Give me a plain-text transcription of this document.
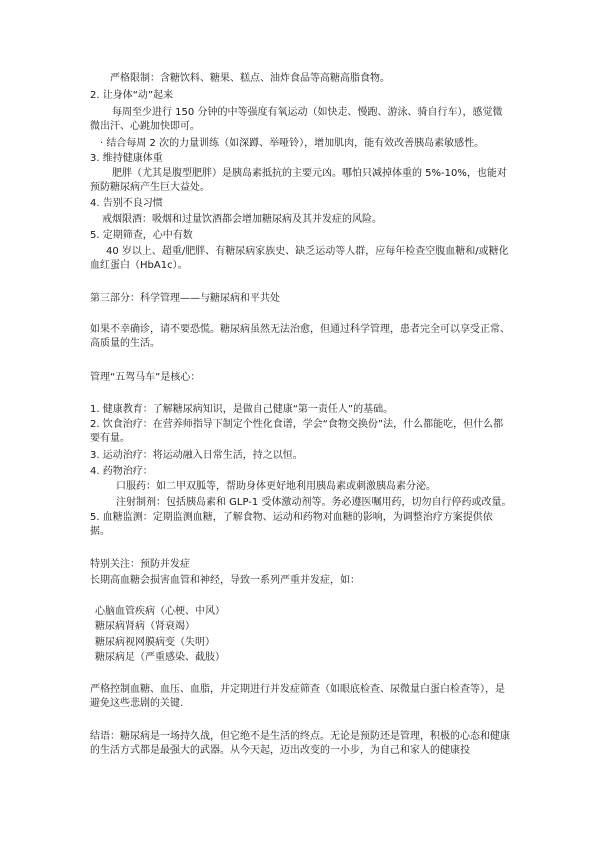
严格限制：含糖饮料、糖果、糕点、油炸食品等高糖高脂食物。
2. 让身体“动”起来
每周至少进行 150 分钟的中等强度有氧运动（如快走、慢跑、游泳、骑自行车），感觉微微出汗、心跳加快即可。
· 结合每周 2 次的力量训练（如深蹲、举哑铃），增加肌肉，能有效改善胰岛素敏感性。
3. 维持健康体重
肥胖（尤其是腹型肥胖）是胰岛素抵抗的主要元凶。哪怕只减掉体重的 5%-10%，也能对预防糖尿病产生巨大益处。
4. 告别不良习惯
戒烟限酒：吸烟和过量饮酒都会增加糖尿病及其并发症的风险。
5. 定期筛查，心中有数
40 岁以上、超重/肥胖、有糖尿病家族史、缺乏运动等人群，应每年检查空腹血糖和/或糖化血红蛋白（HbA1c）。
第三部分：科学管理——与糖尿病和平共处
如果不幸确诊，请不要恐慌。糖尿病虽然无法治愈，但通过科学管理，患者完全可以享受正常、高质量的生活。
管理“五驾马车”是核心：
1. 健康教育：了解糖尿病知识，是做自己健康“第一责任人”的基础。
2. 饮食治疗：在营养师指导下制定个性化食谱，学会“食物交换份”法，什么都能吃，但什么都要有量。
3. 运动治疗：将运动融入日常生活，持之以恒。
4. 药物治疗：
口服药：如二甲双胍等，帮助身体更好地利用胰岛素或刺激胰岛素分泌。
注射制剂：包括胰岛素和 GLP-1 受体激动剂等。务必遵医嘱用药，切勿自行停药或改量。
5. 血糖监测：定期监测血糖，了解食物、运动和药物对血糖的影响，为调整治疗方案提供依据。
特别关注：预防并发症
长期高血糖会损害血管和神经，导致一系列严重并发症，如：
心脑血管疾病（心梗、中风）
糖尿病肾病（肾衰竭）
糖尿病视网膜病变（失明）
糖尿病足（严重感染、截肢）
严格控制血糖、血压、血脂，并定期进行并发症筛查（如眼底检查、尿微量白蛋白检查等），是避免这些悲剧的关键.
结语：糖尿病是一场持久战，但它绝不是生活的终点。无论是预防还是管理，积极的心态和健康的生活方式都是最强大的武器。从今天起，迈出改变的一小步，为自己和家人的健康投
